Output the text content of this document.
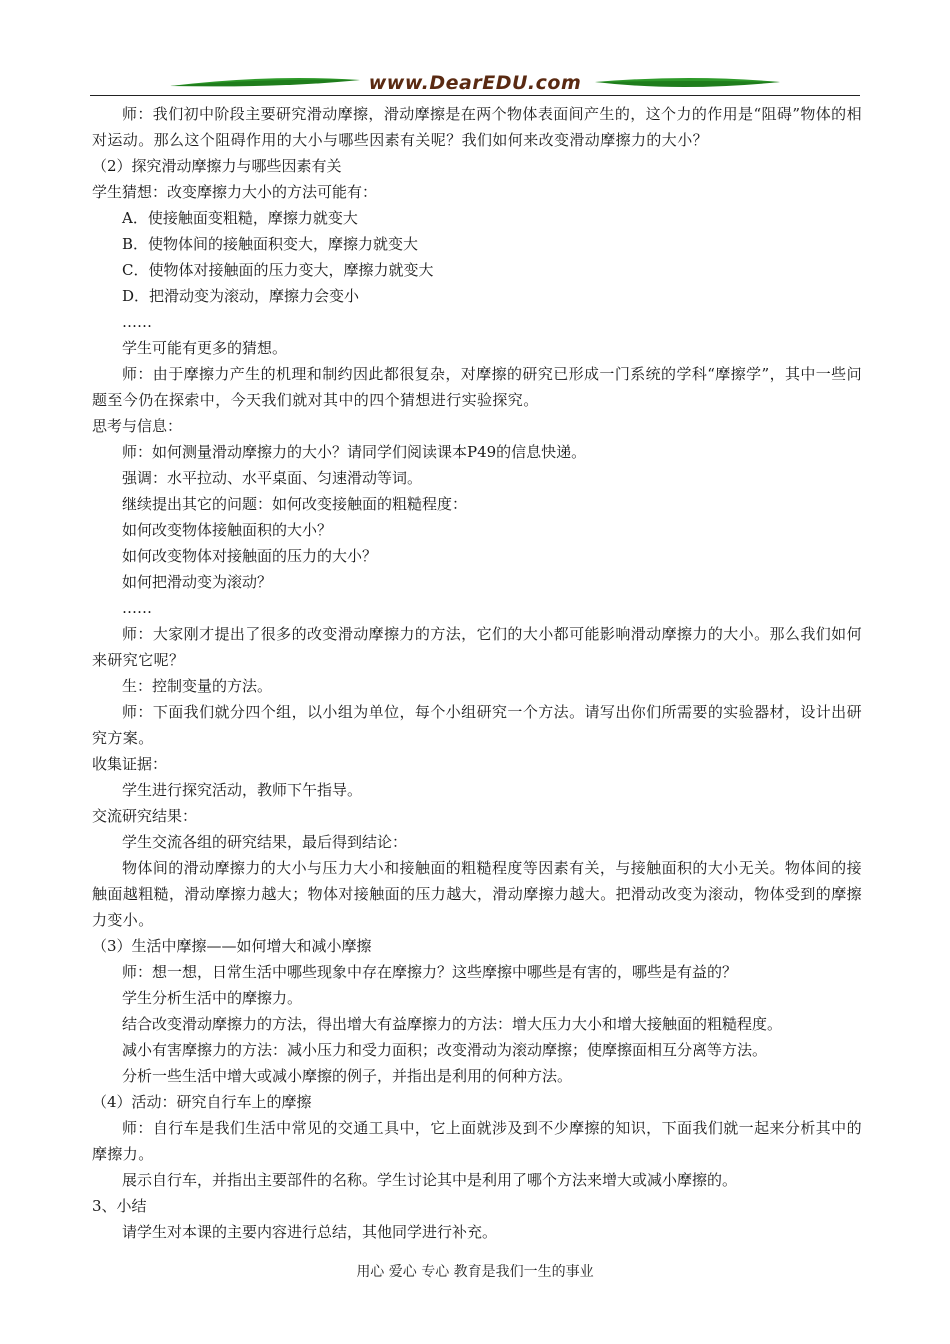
www.DearEDU.com
师：我们初中阶段主要研究滑动摩擦，滑动摩擦是在两个物体表面间产生的，这个力的作用是“阻碍”物体的相对运动。那么这个阻碍作用的大小与哪些因素有关呢？我们如何来改变滑动摩擦力的大小？
（2）探究滑动摩擦力与哪些因素有关
学生猜想：改变摩擦力大小的方法可能有：
A．使接触面变粗糙，摩擦力就变大
B．使物体间的接触面积变大，摩擦力就变大
C．使物体对接触面的压力变大，摩擦力就变大
D．把滑动变为滚动，摩擦力会变小
……
学生可能有更多的猜想。
师：由于摩擦力产生的机理和制约因此都很复杂，对摩擦的研究已形成一门系统的学科“摩擦学”，其中一些问题至今仍在探索中，今天我们就对其中的四个猜想进行实验探究。
思考与信息：
师：如何测量滑动摩擦力的大小？请同学们阅读课本P49的信息快递。
强调：水平拉动、水平桌面、匀速滑动等词。
继续提出其它的问题：如何改变接触面的粗糙程度：
如何改变物体接触面积的大小？
如何改变物体对接触面的压力的大小？
如何把滑动变为滚动？
……
师：大家刚才提出了很多的改变滑动摩擦力的方法，它们的大小都可能影响滑动摩擦力的大小。那么我们如何来研究它呢？
生：控制变量的方法。
师：下面我们就分四个组，以小组为单位，每个小组研究一个方法。请写出你们所需要的实验器材，设计出研究方案。
收集证据：
学生进行探究活动，教师下午指导。
交流研究结果：
学生交流各组的研究结果，最后得到结论：
物体间的滑动摩擦力的大小与压力大小和接触面的粗糙程度等因素有关，与接触面积的大小无关。物体间的接触面越粗糙，滑动摩擦力越大；物体对接触面的压力越大，滑动摩擦力越大。把滑动改变为滚动，物体受到的摩擦力变小。
（3）生活中摩擦——如何增大和减小摩擦
师：想一想，日常生活中哪些现象中存在摩擦力？这些摩擦中哪些是有害的，哪些是有益的？
学生分析生活中的摩擦力。
结合改变滑动摩擦力的方法，得出增大有益摩擦力的方法：增大压力大小和增大接触面的粗糙程度。
减小有害摩擦力的方法：减小压力和受力面积；改变滑动为滚动摩擦；使摩擦面相互分离等方法。
分析一些生活中增大或减小摩擦的例子，并指出是利用的何种方法。
（4）活动：研究自行车上的摩擦
师：自行车是我们生活中常见的交通工具中，它上面就涉及到不少摩擦的知识，下面我们就一起来分析其中的摩擦力。
展示自行车，并指出主要部件的名称。学生讨论其中是利用了哪个方法来增大或减小摩擦的。
3、小结
请学生对本课的主要内容进行总结，其他同学进行补充。
用心 爱心 专心 教育是我们一生的事业
